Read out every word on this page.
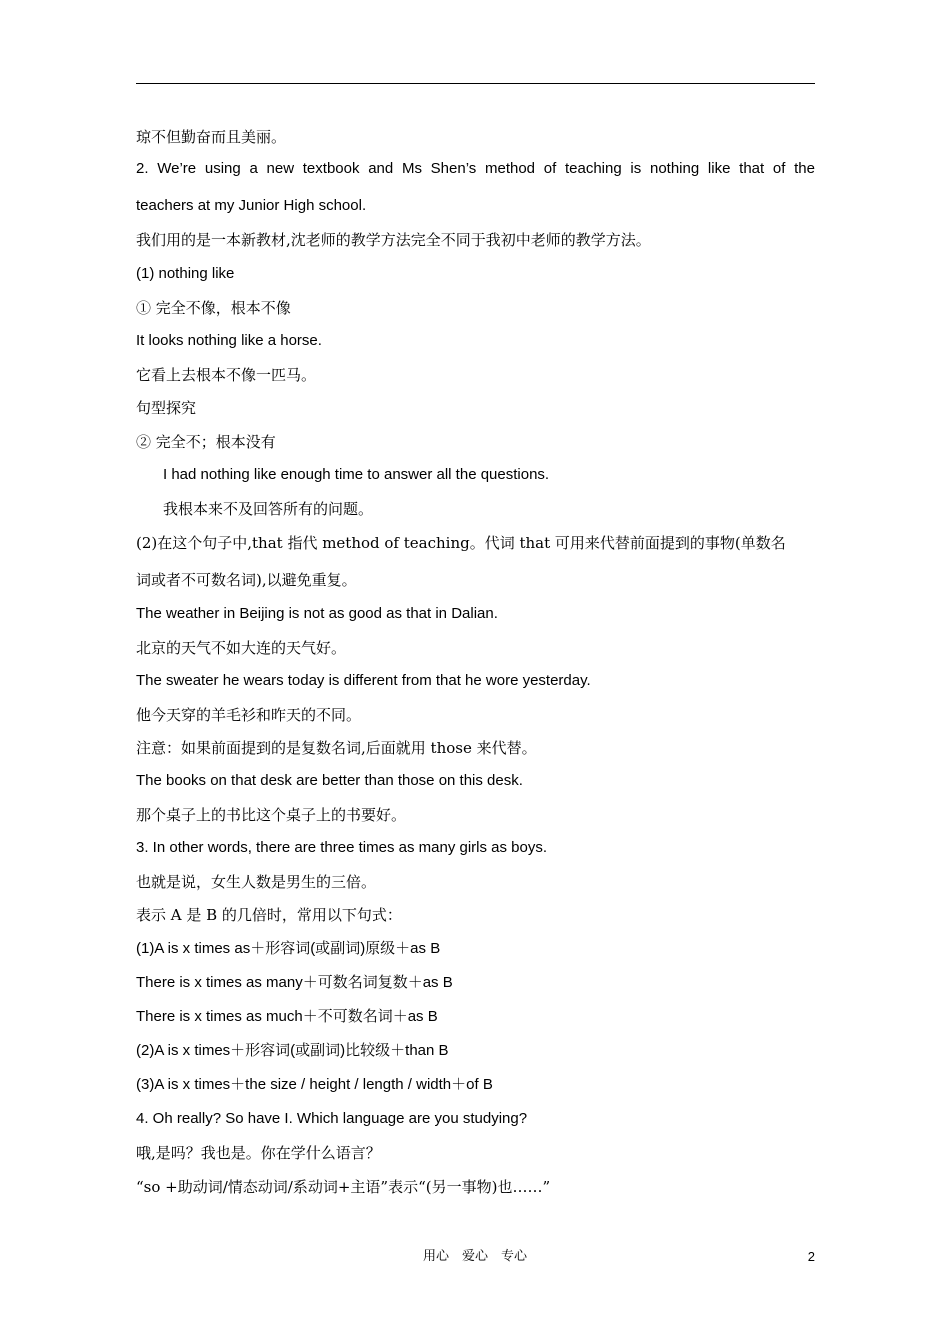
琼不但勤奋而且美丽。
2. We’re using a new textbook and Ms Shen’s method of teaching is nothing like that of the
teachers at my Junior High school.
我们用的是一本新教材,沈老师的教学方法完全不同于我初中老师的教学方法。
(1) nothing like
① 完全不像，根本不像
It looks nothing like a horse.
它看上去根本不像一匹马。
句型探究
② 完全不；根本没有
I had nothing like enough time to answer all the questions.
我根本来不及回答所有的问题。
(2)在这个句子中,that 指代 method of teaching。代词 that 可用来代替前面提到的事物(单数名
词或者不可数名词),以避免重复。
The weather in Beijing is not as good as that in Dalian.
北京的天气不如大连的天气好。
The sweater he wears today is different from that he wore yesterday.
他今天穿的羊毛衫和昨天的不同。
注意：如果前面提到的是复数名词,后面就用 those 来代替。
The books on that desk are better than those on this desk.
那个桌子上的书比这个桌子上的书要好。
3. In other words, there are three times as many girls as boys.
也就是说，女生人数是男生的三倍。
表示 A 是 B 的几倍时，常用以下句式：
(1)A is x times as＋形容词(或副词)原级＋as B
There is x times as many＋可数名词复数＋as B
There is x times as much＋不可数名词＋as B
(2)A is x times＋形容词(或副词)比较级＋than B
(3)A is x times＋the size / height / length / width＋of B
4. Oh really? So have I. Which language are you studying?
哦,是吗？我也是。你在学什么语言？
“so +助动词/情态动词/系动词+主语”表示“(另一事物)也……”
用心　爱心　专心	2
